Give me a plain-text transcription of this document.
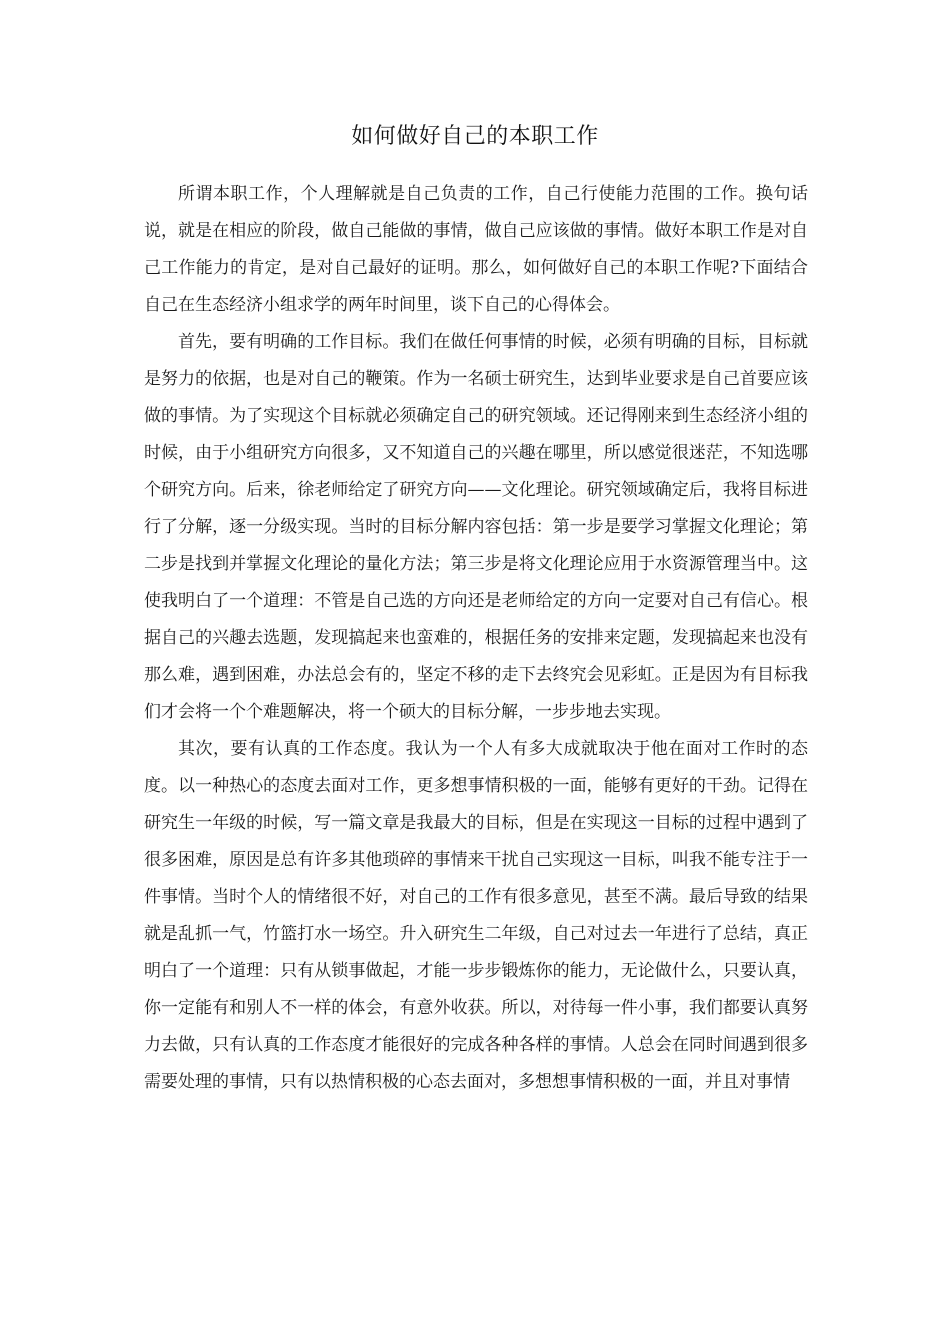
如何做好自己的本职工作

所谓本职工作，个人理解就是自己负责的工作，自己行使能力范围的工作。换句话说，就是在相应的阶段，做自己能做的事情，做自己应该做的事情。做好本职工作是对自己工作能力的肯定，是对自己最好的证明。那么，如何做好自己的本职工作呢?下面结合自己在生态经济小组求学的两年时间里，谈下自己的心得体会。

首先，要有明确的工作目标。我们在做任何事情的时候，必须有明确的目标，目标就是努力的依据，也是对自己的鞭策。作为一名硕士研究生，达到毕业要求是自己首要应该做的事情。为了实现这个目标就必须确定自己的研究领域。还记得刚来到生态经济小组的时候，由于小组研究方向很多，又不知道自己的兴趣在哪里，所以感觉很迷茫，不知选哪个研究方向。后来，徐老师给定了研究方向——文化理论。研究领域确定后，我将目标进行了分解，逐一分级实现。当时的目标分解内容包括：第一步是要学习掌握文化理论；第二步是找到并掌握文化理论的量化方法；第三步是将文化理论应用于水资源管理当中。这使我明白了一个道理：不管是自己选的方向还是老师给定的方向一定要对自己有信心。根据自己的兴趣去选题，发现搞起来也蛮难的，根据任务的安排来定题，发现搞起来也没有那么难，遇到困难，办法总会有的，坚定不移的走下去终究会见彩虹。正是因为有目标我们才会将一个个难题解决，将一个硕大的目标分解，一步步地去实现。

其次，要有认真的工作态度。我认为一个人有多大成就取决于他在面对工作时的态度。以一种热心的态度去面对工作，更多想事情积极的一面，能够有更好的干劲。记得在研究生一年级的时候，写一篇文章是我最大的目标，但是在实现这一目标的过程中遇到了很多困难，原因是总有许多其他琐碎的事情来干扰自己实现这一目标，叫我不能专注于一件事情。当时个人的情绪很不好，对自己的工作有很多意见，甚至不满。最后导致的结果就是乱抓一气，竹篮打水一场空。升入研究生二年级，自己对过去一年进行了总结，真正明白了一个道理：只有从锁事做起，才能一步步锻炼你的能力，无论做什么，只要认真，你一定能有和别人不一样的体会，有意外收获。所以，对待每一件小事，我们都要认真努力去做，只有认真的工作态度才能很好的完成各种各样的事情。人总会在同时间遇到很多需要处理的事情，只有以热情积极的心态去面对，多想想事情积极的一面，并且对事情
